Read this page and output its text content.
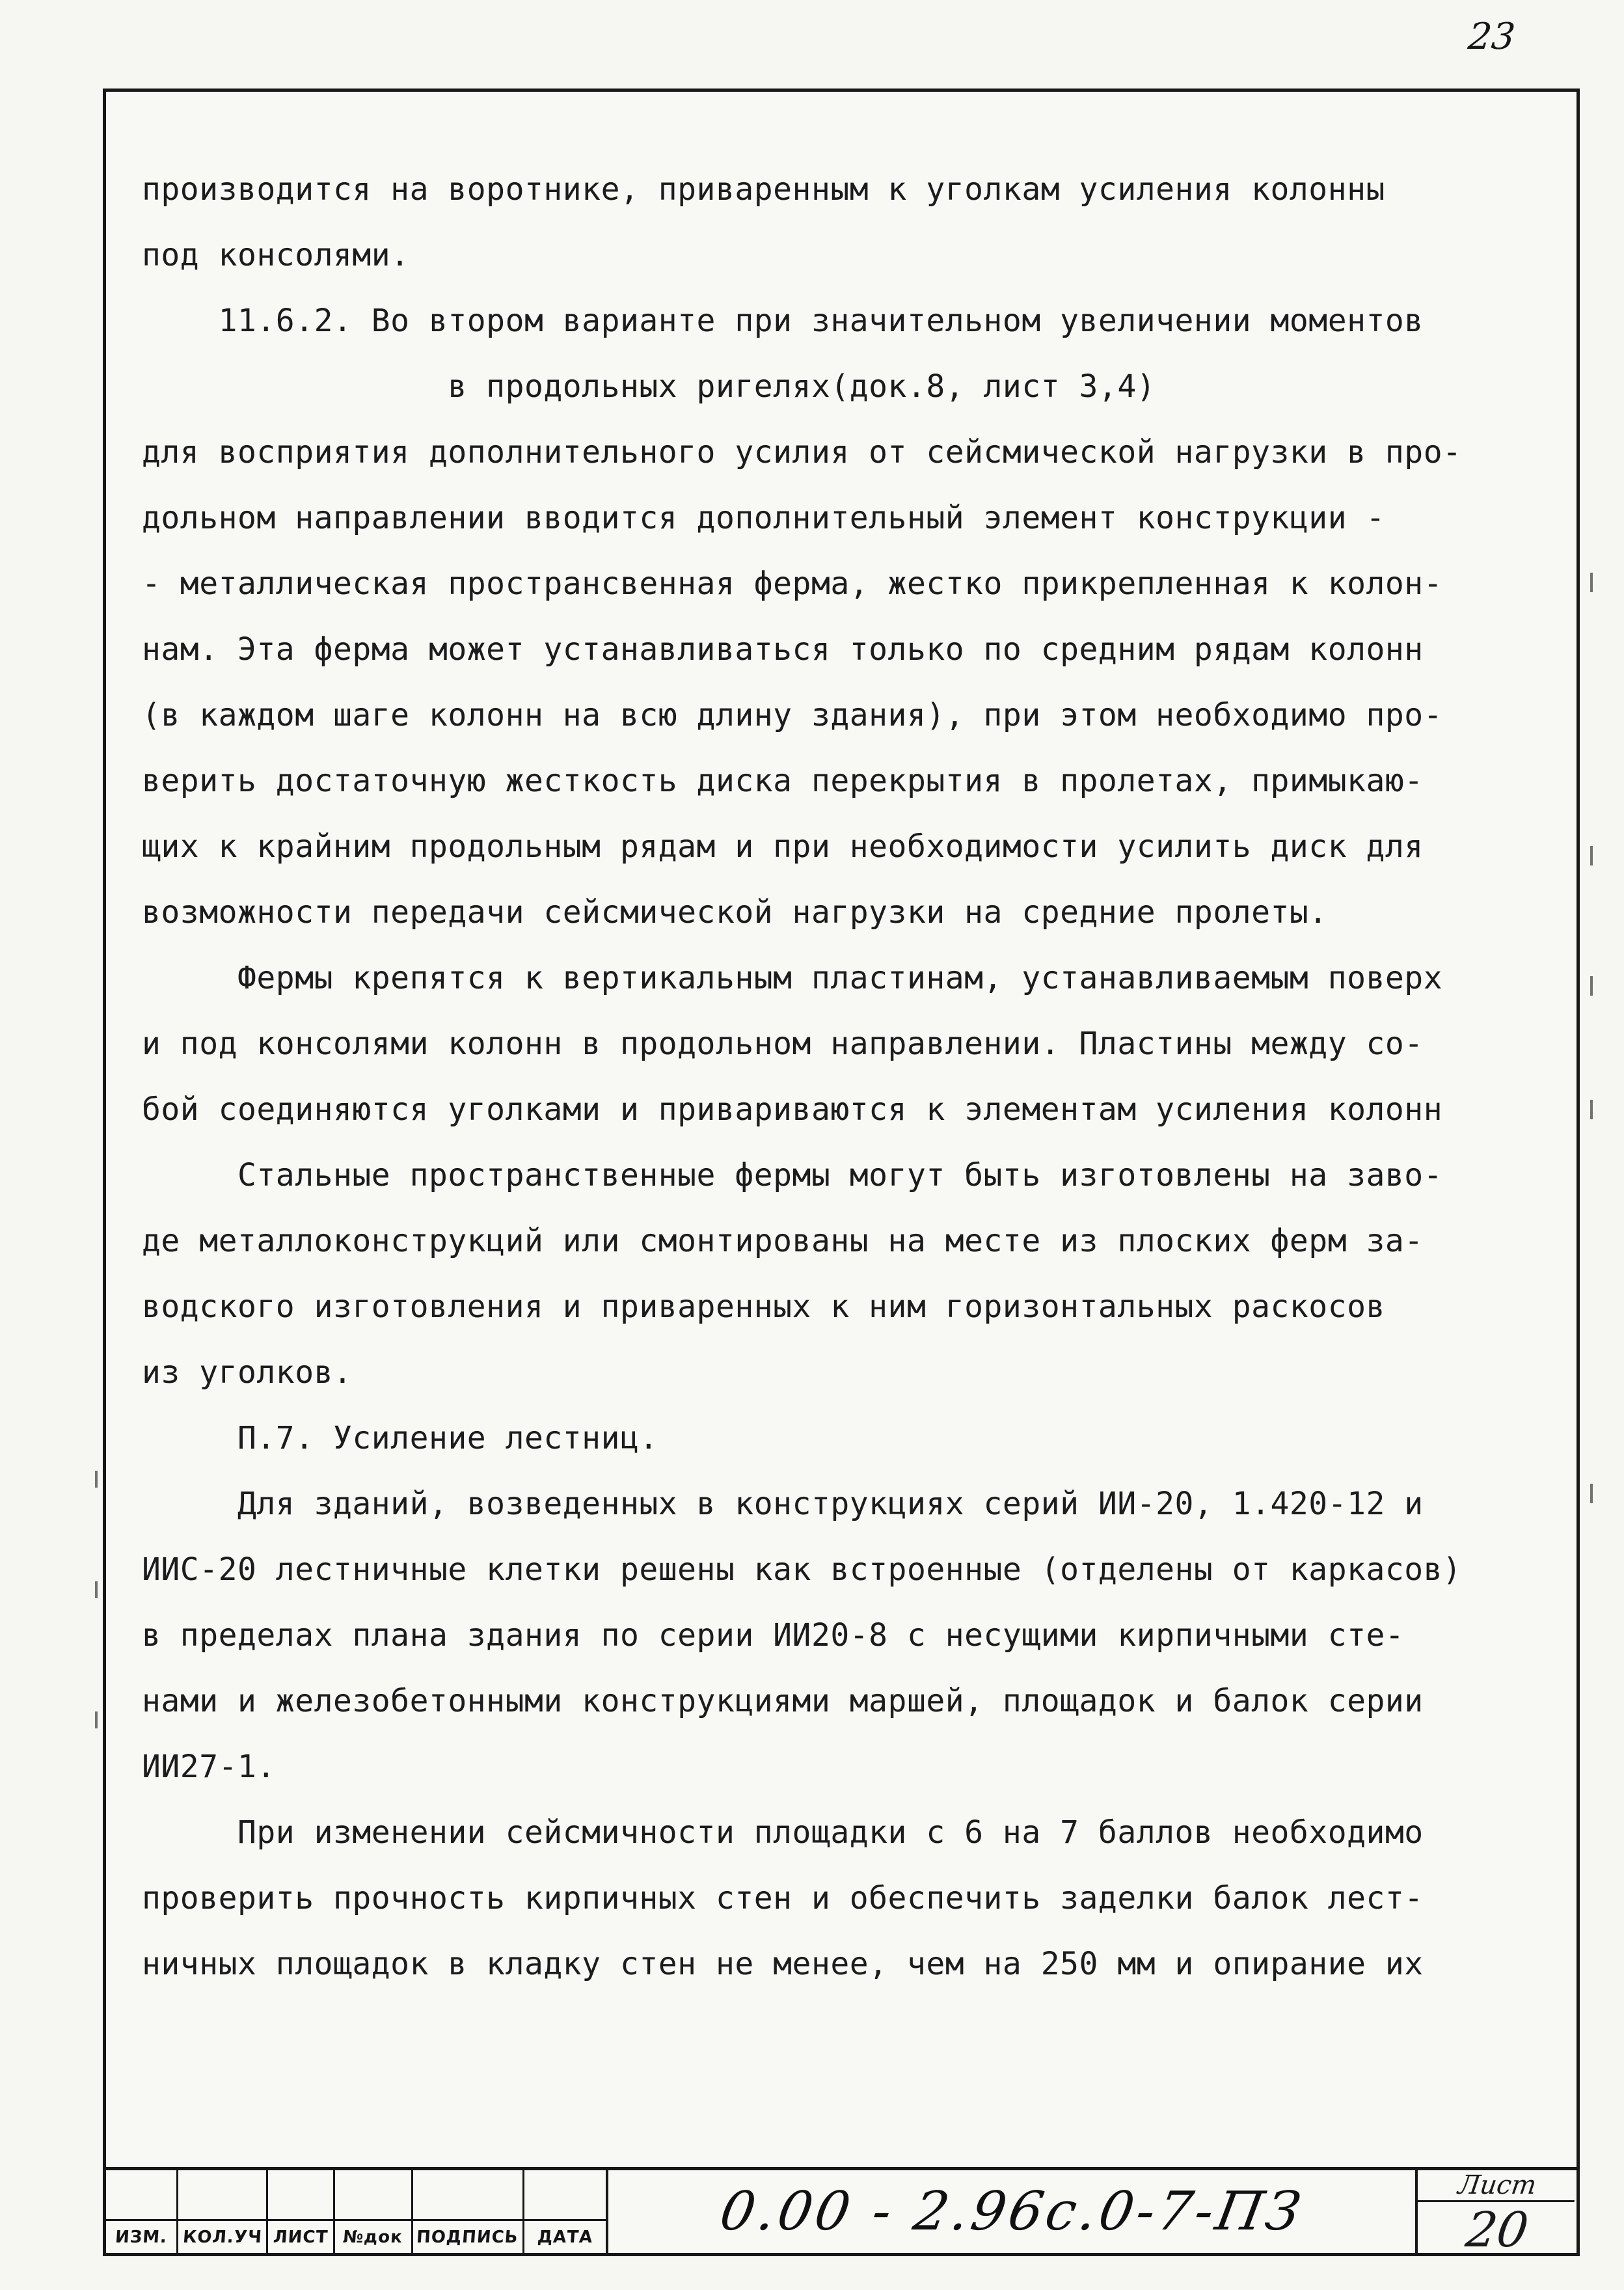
23
производится на воротнике, приваренным к уголкам усиления колонны
под консолями.
11.6.2. Во втором варианте при значительном увеличении моментов
в продольных ригелях(док.8, лист 3,4)
для восприятия дополнительного усилия от сейсмической нагрузки в про-
дольном направлении вводится дополнительный элемент конструкции -
- металлическая пространсвенная ферма, жестко прикрепленная к колон-
нам. Эта ферма может устанавливаться только по средним рядам колонн
(в каждом шаге колонн на всю длину здания), при этом необходимо про-
верить достаточную жесткость диска перекрытия в пролетах, примыкаю-
щих к крайним продольным рядам и при необходимости усилить диск для
возможности передачи сейсмической нагрузки на средние пролеты.
Фермы крепятся к вертикальным пластинам, устанавливаемым поверх
и под консолями колонн в продольном направлении. Пластины между со-
бой соединяются уголками и привариваются к элементам усиления колонн
Стальные пространственные фермы могут быть изготовлены на заво-
де металлоконструкций или смонтированы на месте из плоских ферм за-
водского изготовления и приваренных к ним горизонтальных раскосов
из уголков.
П.7. Усиление лестниц.
Для зданий, возведенных в конструкциях серий ИИ-20, 1.420-12 и
ИИС-20 лестничные клетки решены как встроенные (отделены от каркасов)
в пределах плана здания по серии ИИ20-8 с несущими кирпичными сте-
нами и железобетонными конструкциями маршей, площадок и балок серии
ИИ27-1.
При изменении сейсмичности площадки с 6 на 7 баллов необходимо
проверить прочность кирпичных стен и обеспечить заделки балок лест-
ничных площадок в кладку стен не менее, чем на 250 мм и опирание их
ИЗМ. КОЛ.УЧ ЛИСТ №док ПОДПИСЬ ДАТА 0.00 - 2.96с.0-7-ПЗ	Лист
20
